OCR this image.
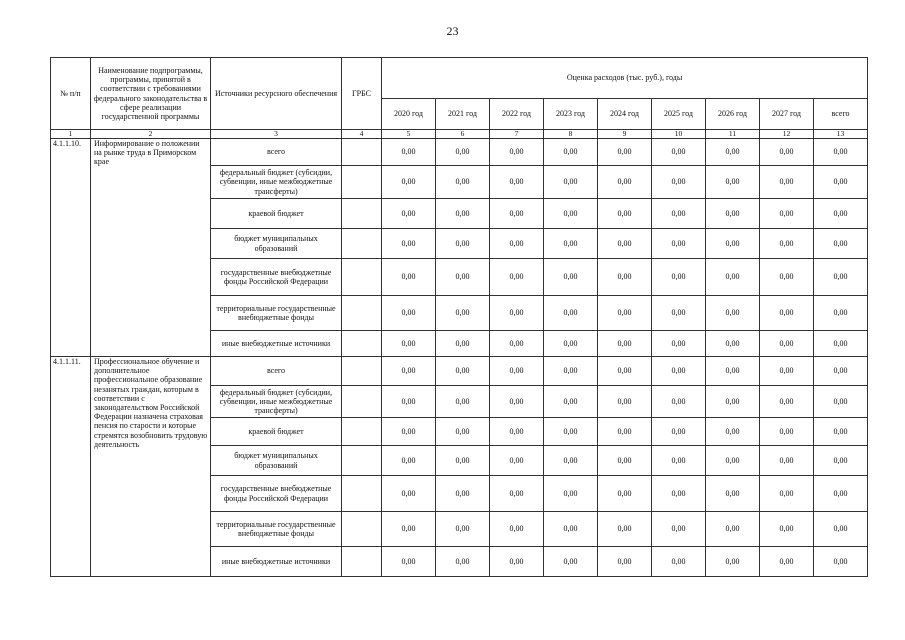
23
№ п/п	Наименование подпрограммы, программы, принятой в соответствии с требованиями федерального законодательства в сфере реализации государственной программы	Источники ресурсного обеспечения	ГРБС	Оценка расходов (тыс. руб.), годы								
				2020 год	2021 год	2022 год	2023 год	2024 год	2025 год	2026 год	2027 год	всего
1	2	3	4	5	6	7	8	9	10	11	12	13
4.1.1.10.	Информирование о положении на рынке труда в Приморском крае	всего		0,00	0,00	0,00	0,00	0,00	0,00	0,00	0,00	0,00
		федеральный бюджет (субсидии, субвенции, иные межбюджетные трансферты)		0,00	0,00	0,00	0,00	0,00	0,00	0,00	0,00	0,00
		краевой бюджет		0,00	0,00	0,00	0,00	0,00	0,00	0,00	0,00	0,00
		бюджет муниципальных образований		0,00	0,00	0,00	0,00	0,00	0,00	0,00	0,00	0,00
		государственные внебюджетные фонды Российской Федерации		0,00	0,00	0,00	0,00	0,00	0,00	0,00	0,00	0,00
		территориальные государственные внебюджетные фонды		0,00	0,00	0,00	0,00	0,00	0,00	0,00	0,00	0,00
		иные внебюджетные источники		0,00	0,00	0,00	0,00	0,00	0,00	0,00	0,00	0,00
4.1.1.11.	Профессиональное обучение и дополнительное профессиональное образование незанятых граждан, которым в соответствии с законодательством Российской Федерации назначена страховая пенсия по старости и которые стремятся возобновить трудовую деятельность	всего		0,00	0,00	0,00	0,00	0,00	0,00	0,00	0,00	0,00
		федеральный бюджет (субсидии, субвенции, иные межбюджетные трансферты)		0,00	0,00	0,00	0,00	0,00	0,00	0,00	0,00	0,00
		краевой бюджет		0,00	0,00	0,00	0,00	0,00	0,00	0,00	0,00	0,00
		бюджет муниципальных образований		0,00	0,00	0,00	0,00	0,00	0,00	0,00	0,00	0,00
		государственные внебюджетные фонды Российской Федерации		0,00	0,00	0,00	0,00	0,00	0,00	0,00	0,00	0,00
		территориальные государственные внебюджетные фонды		0,00	0,00	0,00	0,00	0,00	0,00	0,00	0,00	0,00
		иные внебюджетные источники		0,00	0,00	0,00	0,00	0,00	0,00	0,00	0,00	0,00
